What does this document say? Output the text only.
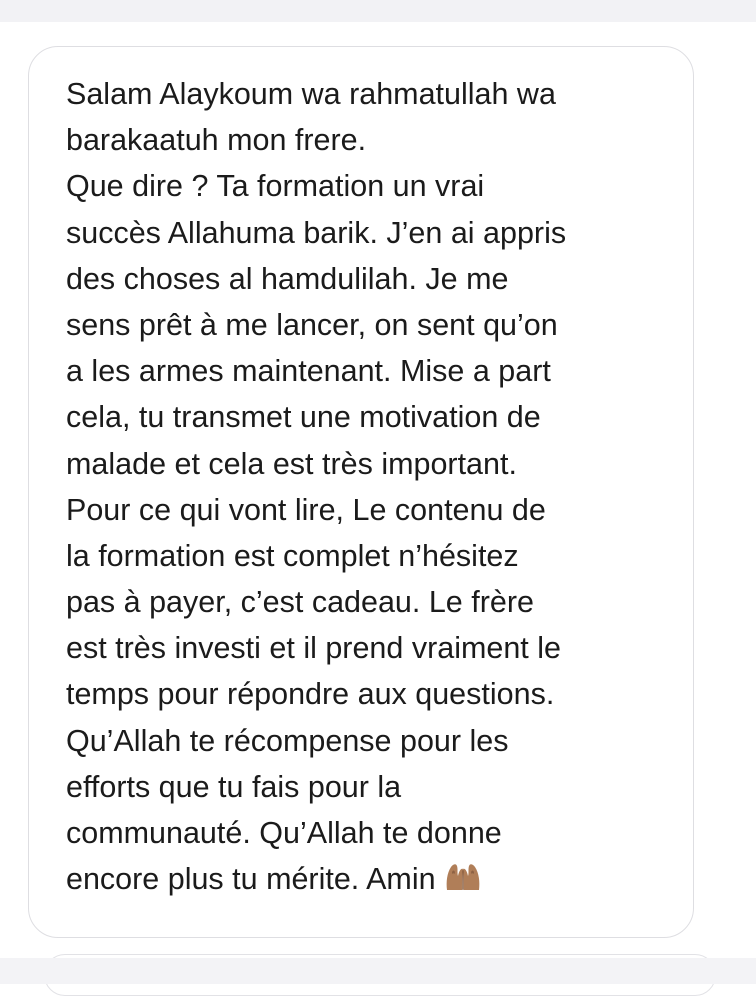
Salam Alaykoum wa rahmatullah wa
barakaatuh mon frere.
Que dire ? Ta formation un vrai
succès Allahuma barik. J’en ai appris
des choses al hamdulilah. Je me
sens prêt à me lancer, on sent qu’on
a les armes maintenant. Mise a part
cela, tu transmet une motivation de
malade et cela est très important.
Pour ce qui vont lire, Le contenu de
la formation est complet n’hésitez
pas à payer, c’est cadeau. Le frère
est très investi et il prend vraiment le
temps pour répondre aux questions.
Qu’Allah te récompense pour les
efforts que tu fais pour la
communauté. Qu’Allah te donne
encore plus tu mérite. Amin
